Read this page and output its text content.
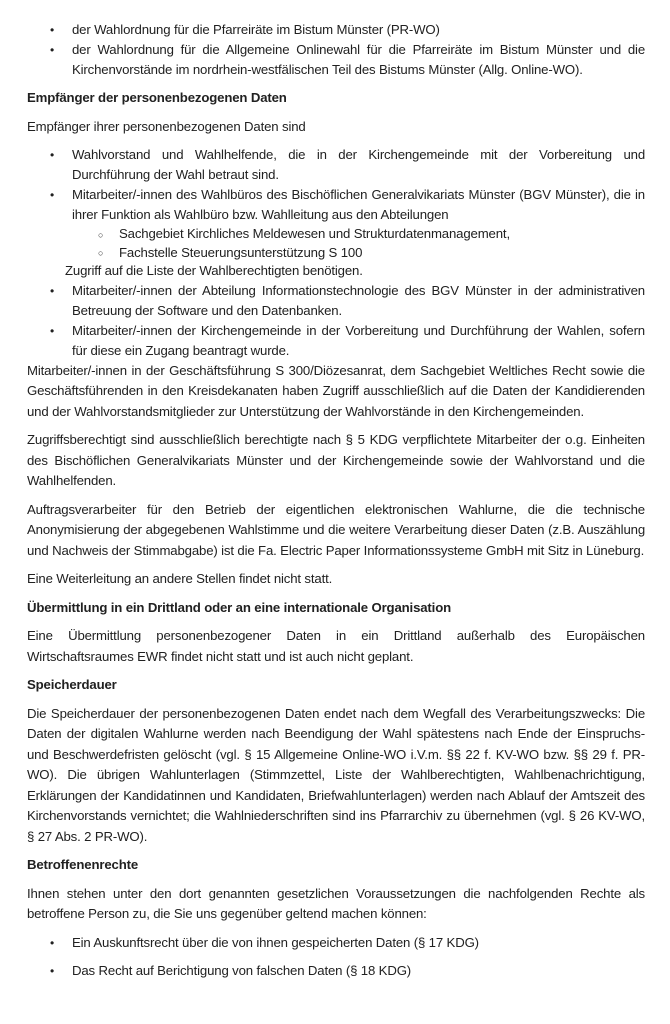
• der Wahlordnung für die Pfarreiräte im Bistum Münster (PR-WO)
• der Wahlordnung für die Allgemeine Onlinewahl für die Pfarreiräte im Bistum Münster und die Kirchenvorstände im nordrhein-westfälischen Teil des Bistums Münster (Allg. Online-WO).

Empfänger der personenbezogenen Daten

Empfänger ihrer personenbezogenen Daten sind

• Wahlvorstand und Wahlhelfende, die in der Kirchengemeinde mit der Vorbereitung und Durchführung der Wahl betraut sind.
• Mitarbeiter/-innen des Wahlbüros des Bischöflichen Generalvikariats Münster (BGV Münster), die in ihrer Funktion als Wahlbüro bzw. Wahlleitung aus den Abteilungen
○ Sachgebiet Kirchliches Meldewesen und Strukturdatenmanagement,
○ Fachstelle Steuerungsunterstützung S 100
Zugriff auf die Liste der Wahlberechtigten benötigen.
• Mitarbeiter/-innen der Abteilung Informationstechnologie des BGV Münster in der administrativen Betreuung der Software und den Datenbanken.
• Mitarbeiter/-innen der Kirchengemeinde in der Vorbereitung und Durchführung der Wahlen, sofern für diese ein Zugang beantragt wurde.

Mitarbeiter/-innen in der Geschäftsführung S 300/Diözesanrat, dem Sachgebiet Weltliches Recht sowie die Geschäftsführenden in den Kreisdekanaten haben Zugriff ausschließlich auf die Daten der Kandidierenden und der Wahlvorstandsmitglieder zur Unterstützung der Wahlvorstände in den Kirchengemeinden.

Zugriffsberechtigt sind ausschließlich berechtigte nach § 5 KDG verpflichtete Mitarbeiter der o.g. Einheiten des Bischöflichen Generalvikariats Münster und der Kirchengemeinde sowie der Wahlvorstand und die Wahlhelfenden.

Auftragsverarbeiter für den Betrieb der eigentlichen elektronischen Wahlurne, die die technische Anonymisierung der abgegebenen Wahlstimme und die weitere Verarbeitung dieser Daten (z.B. Auszählung und Nachweis der Stimmabgabe) ist die Fa. Electric Paper Informationssysteme GmbH mit Sitz in Lüneburg.

Eine Weiterleitung an andere Stellen findet nicht statt.

Übermittlung in ein Drittland oder an eine internationale Organisation

Eine Übermittlung personenbezogener Daten in ein Drittland außerhalb des Europäischen Wirtschaftsraumes EWR findet nicht statt und ist auch nicht geplant.

Speicherdauer

Die Speicherdauer der personenbezogenen Daten endet nach dem Wegfall des Verarbeitungszwecks: Die Daten der digitalen Wahlurne werden nach Beendigung der Wahl spätestens nach Ende der Einspruchs- und Beschwerdefristen gelöscht (vgl. § 15 Allgemeine Online-WO i.V.m. §§ 22 f. KV-WO bzw. §§ 29 f. PR-WO). Die übrigen Wahlunterlagen (Stimmzettel, Liste der Wahlberechtigten, Wahlbenachrichtigung, Erklärungen der Kandidatinnen und Kandidaten, Briefwahlunterlagen) werden nach Ablauf der Amtszeit des Kirchenvorstands vernichtet; die Wahlniederschriften sind ins Pfarrarchiv zu übernehmen (vgl. § 26 KV-WO, § 27 Abs. 2 PR-WO).

Betroffenenrechte

Ihnen stehen unter den dort genannten gesetzlichen Voraussetzungen die nachfolgenden Rechte als betroffene Person zu, die Sie uns gegenüber geltend machen können:

• Ein Auskunftsrecht über die von ihnen gespeicherten Daten (§ 17 KDG)
• Das Recht auf Berichtigung von falschen Daten (§ 18 KDG)
